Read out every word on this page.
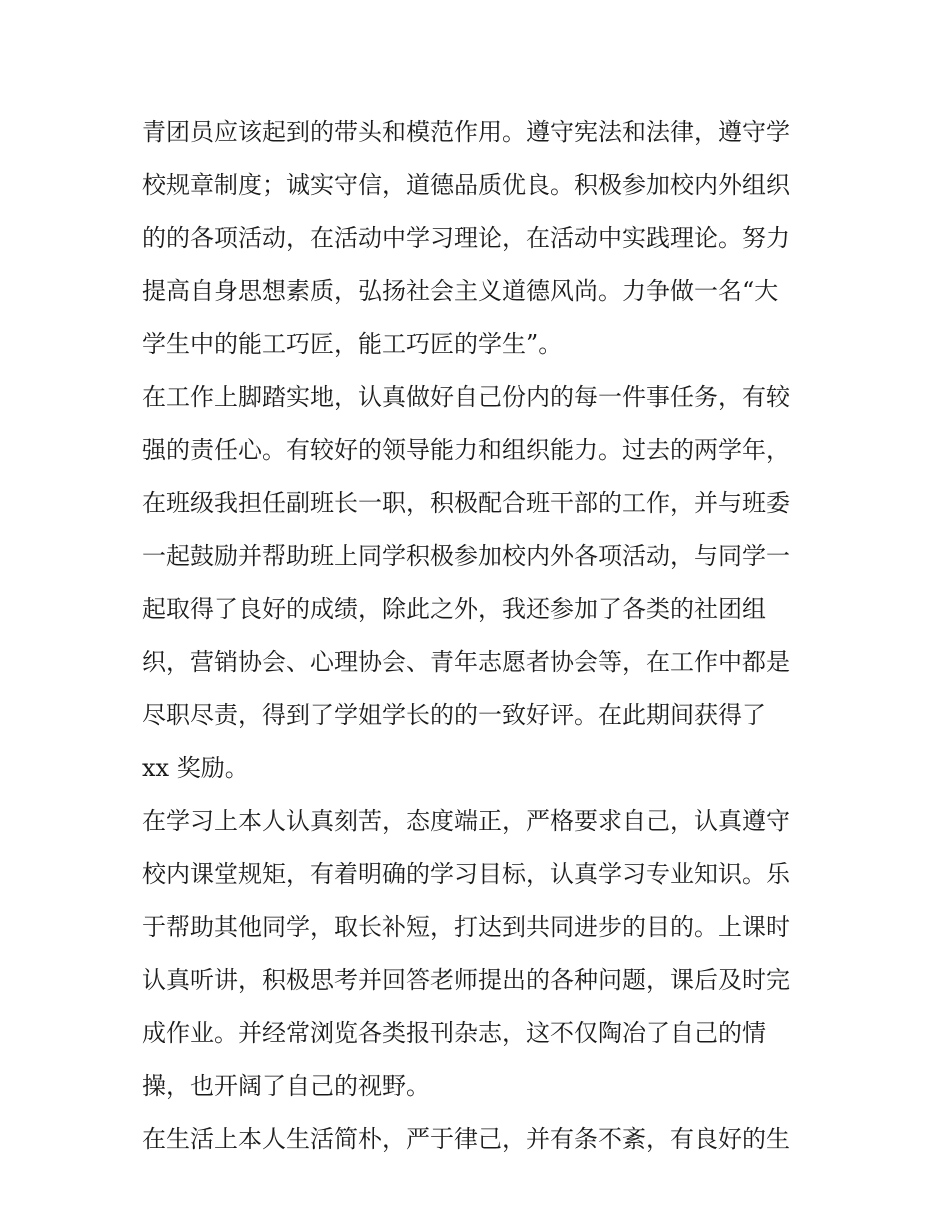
青团员应该起到的带头和模范作用。遵守宪法和法律，遵守学
校规章制度；诚实守信，道德品质优良。积极参加校内外组织
的的各项活动，在活动中学习理论，在活动中实践理论。努力
提高自身思想素质，弘扬社会主义道德风尚。力争做一名“大
学生中的能工巧匠，能工巧匠的学生”。
在工作上脚踏实地，认真做好自己份内的每一件事任务，有较
强的责任心。有较好的领导能力和组织能力。过去的两学年，
在班级我担任副班长一职，积极配合班干部的工作，并与班委
一起鼓励并帮助班上同学积极参加校内外各项活动，与同学一
起取得了良好的成绩，除此之外，我还参加了各类的社团组
织，营销协会、心理协会、青年志愿者协会等，在工作中都是
尽职尽责，得到了学姐学长的的一致好评。在此期间获得了
xx 奖励。
在学习上本人认真刻苦，态度端正，严格要求自己，认真遵守
校内课堂规矩，有着明确的学习目标，认真学习专业知识。乐
于帮助其他同学，取长补短，打达到共同进步的目的。上课时
认真听讲，积极思考并回答老师提出的各种问题，课后及时完
成作业。并经常浏览各类报刊杂志，这不仅陶冶了自己的情
操，也开阔了自己的视野。
在生活上本人生活简朴，严于律己，并有条不紊，有良好的生
